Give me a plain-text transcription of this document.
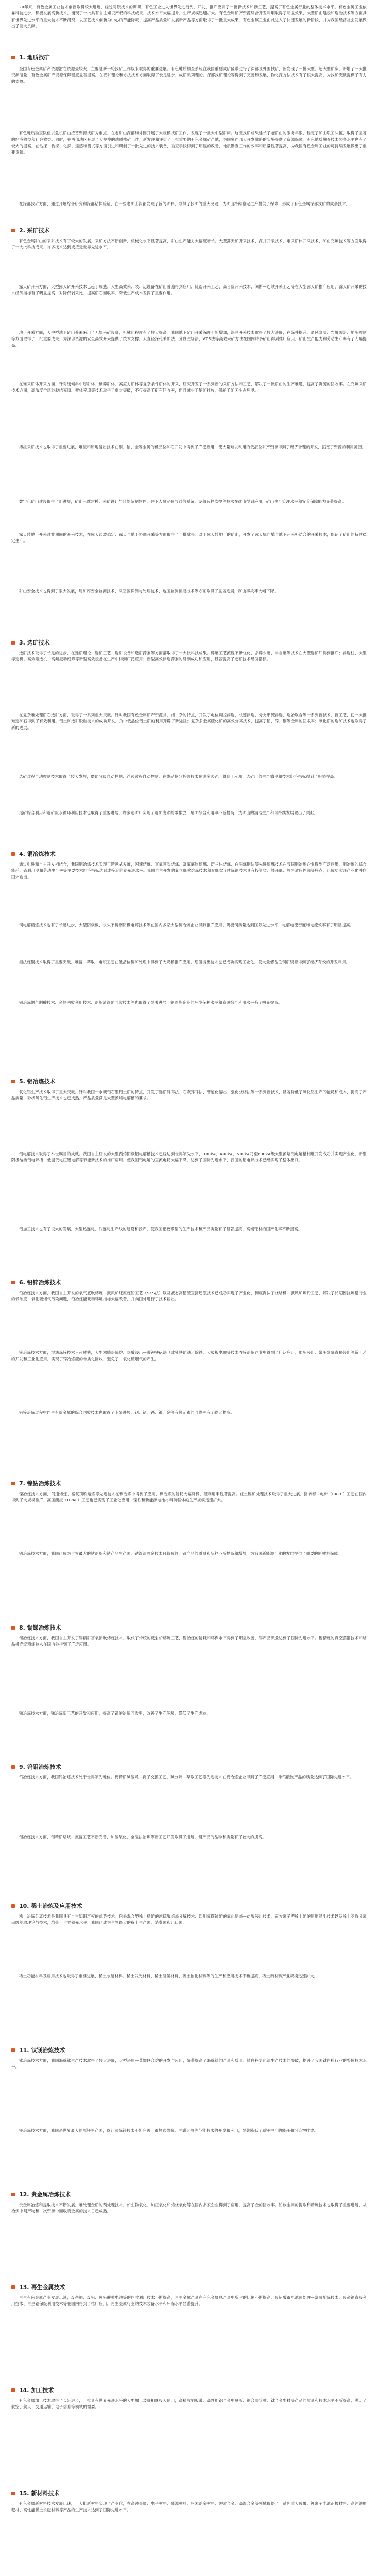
20年来，有色金属工业技术创新取得较大进展，经过对原技术的调研，有色工业进入世界先进行列，开发、推广应用了一批新技术和新工艺，提高了有色金属行业的整体技术水平。有色金属工业依靠科技进步，积极发展高新技术，涌现了一批具有自主知识产权的科技成果，技术水平大幅提升，生产规模迅速扩大。有色金属矿产资源综合开发利用取得了明显效果，大型矿山建设和选冶技术等方面具有世界先进水平的重大技术不断涌现，以工艺技术创新为中心的节能降耗、提高产品质量和发展新产品等方面取得了一批重大成果，有色金属工业由此进入了快速发展的新阶段，并为我国经济社会发展做出了巨大贡献。

1. 地质找矿

全国有色金属矿产资源潜在资源量较大，主要是新一轮找矿工作以来取得的重要进展。有色地质勘查系统在我国重要成矿区带进行了深部及外围找矿，新发现了一批大型、超大型矿床，新增了一大批资源储量，有色金属矿产资源保障程度显著提高。在找矿理论和方法技术方面取得了长足进步，成矿系列理论、深部找矿理论等得到了完善和发展，物化探方法技术有了很大提高，为找矿突破提供了有力的支撑。

有色地质勘查队伍以危机矿山接替资源找矿为重点，在老矿山深部和外围开展了大规模找矿工作，发现了一批大中型矿床。这些找矿成果延长了老矿山的服务年限，稳定了矿山职工队伍，取得了显著的经济效益和社会效益。同时，在西部地区开展了大规模的地质找矿工作，新发现和评价了一批重要的有色金属矿产地，为国家西部大开发战略的实施提供了资源保障。有色地质勘查技术装备水平也有了较大的提高，在钻探、物探、化探、遥感和测试等方面引进和研制了一批先进的技术装备，勘查手段得到了明显的改善，地质勘查工作的效率和质量显著提高，为我国有色金属工业的可持续发展做出了重要贡献。

在深部找矿方面，通过开展综合研究和深部钻探验证，在一些老矿山深部发现了新的矿体，取得了找矿的重大突破，为矿山持续稳定生产提供了保障，形成了有色金属深部找矿的成套技术。

2. 采矿技术

有色金属矿山的采矿技术有了较大的发展，采矿方法不断创新，机械化水平显著提高，矿山生产能力大幅度增长。大型露天矿开采技术、深井开采技术、难采矿体开采技术、矿山充填技术等方面取得了一大批科技成果，许多技术达到或接近世界先进水平。

露天矿开采方面，大型露天矿开采技术已趋于成熟，大型高效采、装、运设备在矿山普遍得到应用，陡帮开采工艺、高台阶开采技术、间断—连续开采工艺等在大型露天矿推广应用，露天矿开采的技术经济指标有了明显提高，对降低剥采比、提高矿石回收率、降低生产成本发挥了重要作用。

地下开采方面，大中型地下矿山普遍采用了无轨采矿设备，机械化程度有了较大提高。我国地下矿山开采深度不断增加，深井开采技术取得了较大进展，在深井提升、通风降温、岩爆防治、地压控制等方面取得了一批重要成果，为深部资源的安全高效开采提供了技术支撑。大直径深孔采矿法、分段空场法、VCR法等高效采矿方法在国内许多矿山得到推广应用，矿山生产能力和劳动生产率有了大幅提高。

在难采矿体开采方面，针对缓倾斜中厚矿体、破碎矿体、高应力矿体等复杂条件矿体的开采，研究开发了一系列新的采矿方法和工艺，解决了一批矿山的生产难题，提高了资源的回收率。在充填采矿技术方面，高浓度全尾砂胶结充填、膏体充填等技术取得了重大突破，不仅提高了矿石回收率，而且减少了尾矿排放，保护了矿区生态环境。

溶浸采矿技术也取得了重要进展，堆浸和原地浸出技术在铜、铀、金等金属的低品位矿石开发中得到了广泛应用，使大量难以利用的低品位矿产资源得到了经济合理的开发，拓宽了资源的利用范围。

数字化矿山建设取得了新进展，矿山三维建模、采矿设计与计划编制软件、井下人员定位与通信系统、设备远程监控等技术在矿山得到应用，矿山生产管理水平和安全保障能力显著提高。

露天转地下开采过渡期间的开采技术，在露天边坡稳定、露天与地下协调开采等方面取得了一批成果。对于露天转地下的矿山，开发了露天坑回填与地下开采相结合的开采技术，保证了矿山的持续稳定生产。

矿山安全技术也得到了很大发展，尾矿库安全监测技术、采空区探测与处理技术、地压监测预报技术等方面取得了显著进展，矿山事故率大幅下降。

3. 选矿技术

选矿技术取得了长足的进步，在选矿理论、选矿工艺、选矿设备和选矿药剂等方面都取得了一大批科技成果。碎磨工艺流程不断优化，多碎少磨、半自磨等技术在大型选矿厂得到推广；浮选柱、大型浮选机、高效磁选机、高频振动细筛等新型高效设备在生产中得到广泛应用；新型高效浮选药剂的研制成功和应用，显著提高了选矿技术经济指标。

在复杂难处理矿石选矿方面，取得了一系列重大突破。针对我国有色金属矿产资源贫、细、杂的特点，开发了电位调控浮选、快速浮选、分支串流浮选、选冶联合等一系列新技术、新工艺，使一大批难选矿石得到了有效利用。铝土矿选矿脱硅技术的成功开发，为中低品位铝土矿的利用开辟了新途径；复杂多金属硫化矿的高效分离技术，提高了铅、锌、铜等金属的回收率；氧化矿的选矿技术也取得了新的进展。

选矿过程自动控制技术取得了较大发展，磨矿分级自动控制、浮选过程自动控制、在线品位分析等技术在许多选矿厂得到了应用，选矿厂的生产效率和技术经济指标得到了明显提高。

尾矿综合利用和选矿废水循环利用技术也取得了重要进展，许多选矿厂实现了选矿废水的零排放，尾矿综合利用率不断提高，为矿山的清洁生产和可持续发展做出了贡献。

4. 铜冶炼技术

通过引进和自主开发相结合，我国铜冶炼技术实现了跨越式发展，闪速熔炼、富氧顶吹熔炼、富氧底吹熔炼、诺兰达熔炼、白银炼铜法等先进熔炼技术在我国铜冶炼企业得到广泛应用，铜冶炼的综合能耗、硫利用率和劳动生产率等主要技术经济指标达到或接近世界先进水平。我国自主开发的氧气底吹熔炼技术和双底吹连续炼铜技术具有投资省、能耗低、原料适应性强等特点，已成功实现产业化并向国外输出。

铜电解精炼技术也有了长足进步，大型阴极板、永久不锈钢阴极电解技术等在国内多家大型铜冶炼企业得到推广应用，阴极铜质量达到国际先进水平，电解电流密度和电流效率有了明显提高。

湿法炼铜技术取得了重要突破，堆浸—萃取—电积工艺在低品位铜矿处理中得到了大规模推广应用，细菌浸出技术也已成功实现工业化，使大量低品位铜矿资源得到了经济有效的开发利用。

铜冶炼烟气制酸技术、余热回收利用技术、冶炼渣选矿回收技术等也取得了显著进展，铜冶炼企业的环境保护水平和资源综合利用水平有了明显提高。

5. 铝冶炼技术

氧化铝生产技术取得了重大突破。针对我国一水硬铝石型铝土矿的特点，开发了选矿拜耳法、石灰拜耳法、管道化溶出、强化烧结法等一系列新技术，显著降低了氧化铝生产的能耗和成本，提高了产品质量，砂状氧化铝生产技术也已成熟，产品质量满足大型预焙电解槽的要求。

铝电解技术取得了举世瞩目的成就。我国自主研发的大型预焙阳极铝电解槽技术已经达到世界领先水平，300kA、400kA、500kA乃至600kA级大型预焙铝电解槽相继开发成功并实现产业化，新型阴极结构铝电解槽、低温低电压铝电解等节能新技术的推广应用，使我国铝电解的直流电耗大幅下降，达到了国际先进水平，我国的铝电解技术已经实现了整体出口。

铝加工技术也有了很大的发展，大型热连轧、冷连轧生产线的建设和投产，使我国铝板带箔的生产技术和产品质量有了显著提高，高端铝材的国产化率不断提高。

6. 铅锌冶炼技术

铅冶炼技术方面，我国自主开发的氧气底吹熔炼—鼓风炉还原炼铅工艺（SKS法）以及液态高铅渣直接还原技术已成功实现了产业化，彻底淘汰了烧结机—鼓风炉炼铅工艺，解决了长期困扰炼铅行业的低浓度二氧化硫烟气污染问题，铅冶炼能耗和环境指标大幅改善，并向国外进行了技术输出。

锌冶炼技术方面，湿法炼锌技术日趋成熟，大型沸腾焙烧炉、热酸浸出—黄钾铁矾法（或针铁矿法）除铁、大极板电解等技术在锌冶炼企业中得到了广泛应用；加压浸出、常压富氧直接浸出等新工艺的开发和工业化应用，实现了锌冶炼硫的单质化回收，避免了二氧化硫烟气的产生。

铅锌冶炼过程中伴生有价金属的综合回收技术也取得了明显进展，铟、锗、镉、银、金等有价元素的回收率有了较大提高。

7. 镍钴冶炼技术

镍冶炼技术方面，闪速熔炼、富氧顶吹熔炼等先进技术在镍冶炼中得到了应用，镍冶炼的能耗大幅降低，硫利用率显著提高。红土镍矿处理技术取得了重大进展，回转窑—电炉（RKEF）工艺在国内得到了大规模推广，高压酸浸（HPAL）工艺也已实现了工业化应用，镍铁和新能源电池材料前驱体的生产规模迅速扩大。

钴冶炼技术方面，我国已成为世界最大的钴冶炼和钴产品生产国，钴湿法冶金技术日趋成熟，钴产品的质量和品种不断提高和增加，为我国新能源产业的发展提供了重要的原材料保障。

8. 锡锑冶炼技术

锡冶炼技术方面，我国自主开发了锡精矿富氧顶吹熔炼技术，取代了传统的反射炉熔炼工艺，锡冶炼的能耗和环保水平得到了明显改善，锡产品质量达到了国际先进水平。锡精炼的真空蒸馏技术和结晶机连续精炼技术在国内外得到了广泛应用。

锑冶炼技术方面，锑冶炼新工艺的开发和应用，提高了锑的冶炼回收率，改善了生产环境，降低了生产成本。

9. 钨钼冶炼技术

钨冶炼技术方面，我国钨冶炼技术处于世界领先地位。钨精矿碱压煮—离子交换工艺、碱分解—萃取工艺等先进技术在钨冶炼企业得到了广泛应用，仲钨酸铵产品的质量达到了国际先进水平。

钼冶炼技术方面，钼精矿焙烧—氨浸工艺不断完善，加压氧化、全湿法冶炼等新工艺开发取得了进展，钼产品的品种和质量有了较大的提高。

10. 稀土冶炼及应用技术

稀土冶炼分离技术是我国具有自主知识产权的优势技术。包头混合型稀土精矿的浓硫酸焙烧分解技术、四川氟碳铈矿的氧化焙烧—盐酸浸出技术、南方离子型稀土矿的原地浸出技术以及稀土萃取分离串级萃取理论与技术，均处于世界领先水平，我国已成为世界最大的稀土生产国、消费国和出口国。

稀土功能材料及应用技术也取得了重要进展，稀土永磁材料、稀土发光材料、稀土储氢材料、稀土催化材料等的生产和应用技术不断提高，稀土新材料产业规模迅速扩大。

11. 钛镁冶炼技术

钛冶炼技术方面，我国海绵钛生产技术取得了较大进展，大型还原—蒸馏联合炉的开发与应用，显著提高了海绵钛的产量和质量。钛白粉氯化法生产技术的突破，提升了我国钛白粉行业的整体技术水平。

镁冶炼技术方面，我国是世界最大的原镁生产国，皮江法炼镁技术不断完善，蓄热式燃烧、竖罐还原等节能技术的开发和应用，显著降低了原镁生产的能耗和污染物排放。

12. 贵金属冶炼技术

贵金属冶炼和提取技术不断发展，难处理金矿的预处理技术，如生物氧化、加压氧化和焙烧氧化等在国内多家企业得到了应用，提高了金的回收率。铂族金属的提取和精炼技术也取得了重要进展，从冶炼中间产物和二次资源中回收贵金属的技术日趋成熟。

13. 再生金属技术

再生有色金属产业发展迅速，废杂铜、废铝、废铅酸蓄电池等的回收利用技术不断提高，再生金属产量在有色金属总产量中所占的比例不断提高。废铅酸蓄电池预处理—富氧熔炼技术、废杂铜直接利用技术、再生铝保级利用技术等在国内得到了推广应用，再生金属行业的技术装备水平和环保水平显著提升。

14. 加工技术

有色金属加工技术取得了长足进步，一批具有世界先进水平的大型加工装备相继投入使用，高精度铜板带、高性能铝合金中厚板、铜合金管材、钛合金型材等产品的质量和技术水平不断提高，满足了航空、航天、交通运输、电子信息等领域的需要。

15. 新材料技术

有色金属新材料技术发展迅速，一大批新材料实现了产业化，在高纯金属、电子材料、能源材料、粉末冶金材料、硬质合金、高温合金等领域取得了一系列重大成果。锂离子电池正极材料、高纯溅射靶材、高性能稀土永磁材料等产品的生产技术达到了国际先进水平。
